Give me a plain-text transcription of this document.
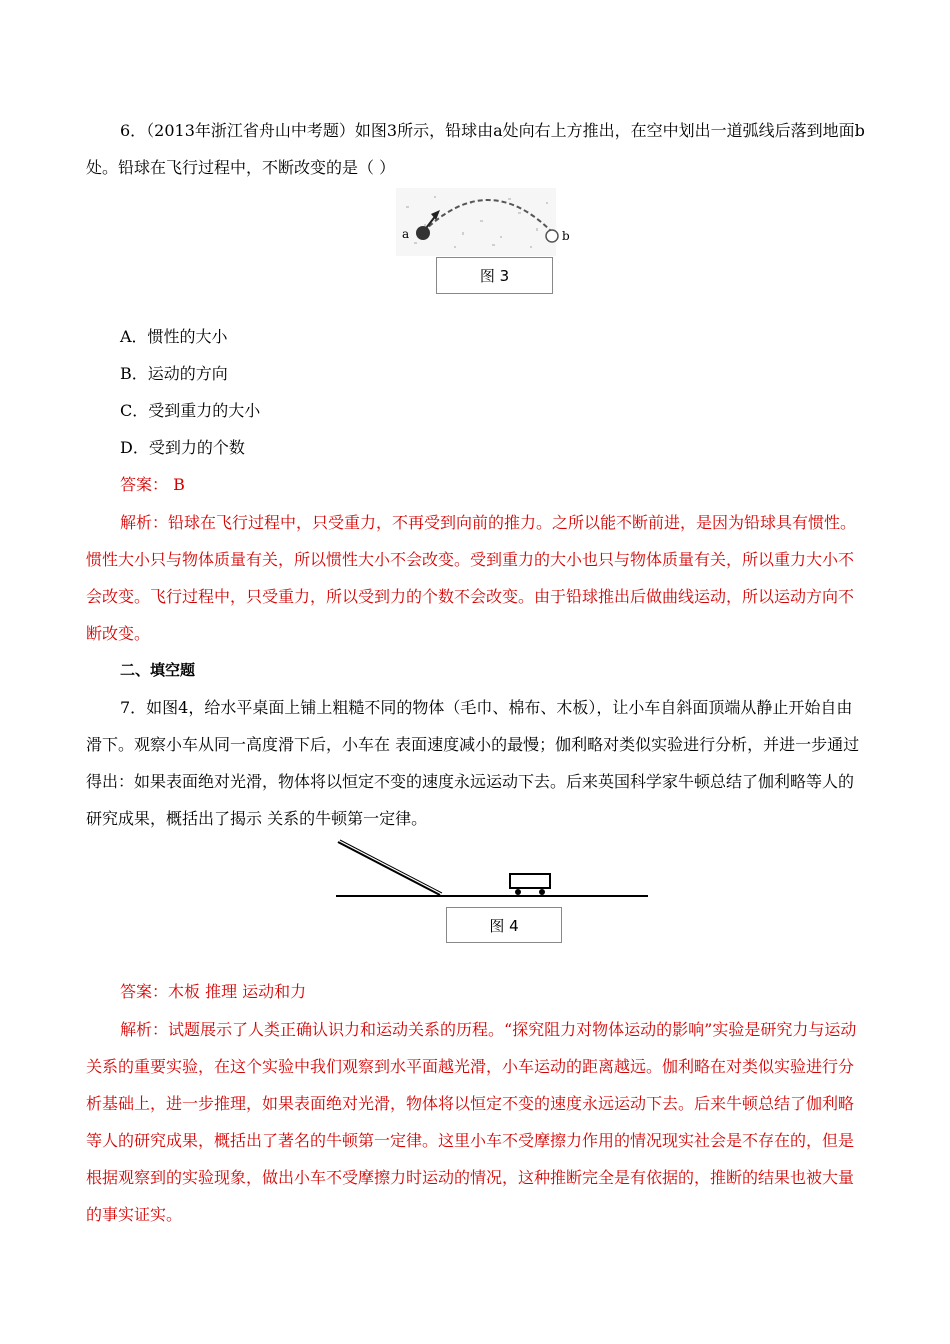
6．（2013年浙江省舟山中考题）如图3所示，铅球由a处向右上方推出，在空中划出一道弧线后落到地面b处。铅球在飞行过程中，不断改变的是（ ）
a	b
图 3
A．惯性的大小
B．运动的方向
C．受到重力的大小
D．受到力的个数
答案： B
解析：铅球在飞行过程中，只受重力，不再受到向前的推力。之所以能不断前进，是因为铅球具有惯性。惯性大小只与物体质量有关，所以惯性大小不会改变。受到重力的大小也只与物体质量有关，所以重力大小不会改变。飞行过程中，只受重力，所以受到力的个数不会改变。由于铅球推出后做曲线运动，所以运动方向不断改变。
二、填空题
7．如图4，给水平桌面上铺上粗糙不同的物体（毛巾、棉布、木板），让小车自斜面顶端从静止开始自由滑下。观察小车从同一高度滑下后，小车在 表面速度减小的最慢；伽利略对类似实验进行分析，并进一步通过 得出：如果表面绝对光滑，物体将以恒定不变的速度永远运动下去。后来英国科学家牛顿总结了伽利略等人的研究成果，概括出了揭示 关系的牛顿第一定律。
图 4
答案：木板 推理 运动和力
解析：试题展示了人类正确认识力和运动关系的历程。“探究阻力对物体运动的影响”实验是研究力与运动关系的重要实验，在这个实验中我们观察到水平面越光滑，小车运动的距离越远。伽利略在对类似实验进行分析基础上，进一步推理，如果表面绝对光滑，物体将以恒定不变的速度永远运动下去。后来牛顿总结了伽利略等人的研究成果，概括出了著名的牛顿第一定律。这里小车不受摩擦力作用的情况现实社会是不存在的，但是根据观察到的实验现象，做出小车不受摩擦力时运动的情况，这种推断完全是有依据的，推断的结果也被大量的事实证实。
